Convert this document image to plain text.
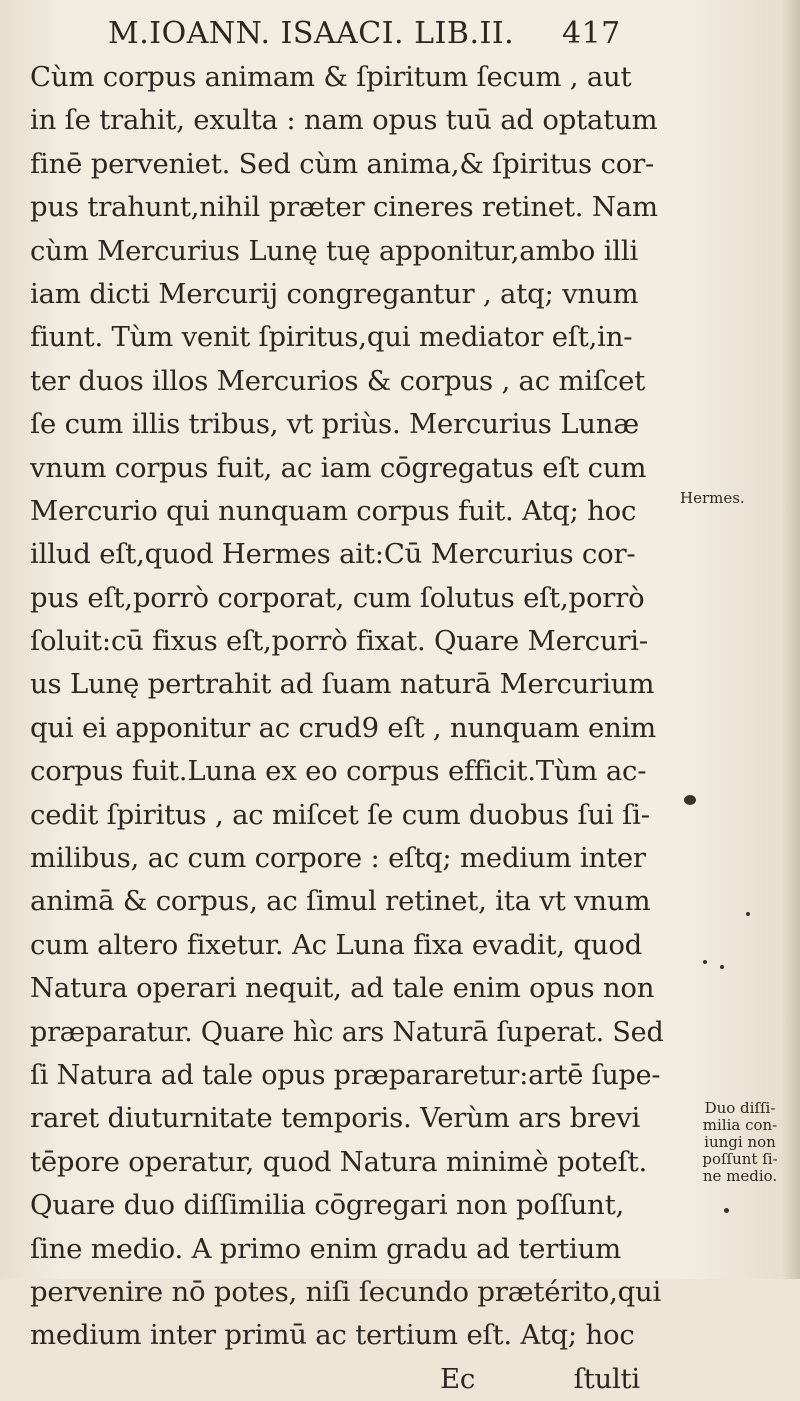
M.IOANN. ISAACI. LIB.II. 417
Cùm corpus animam & ſpiritum ſecum , aut
in ſe trahit, exulta : nam opus tuū ad optatum
finē perveniet. Sed cùm anima,& ſpiritus cor-
pus trahunt,nihil præter cineres retinet. Nam
cùm Mercurius Lunę tuę apponitur,ambo illi
iam dicti Mercurij congregantur , atq; vnum
fiunt. Tùm venit ſpiritus,qui mediator eſt,in-
ter duos illos Mercurios & corpus , ac miſcet
ſe cum illis tribus, vt priùs. Mercurius Lunæ
vnum corpus fuit, ac iam cōgregatus eſt cum
Mercurio qui nunquam corpus fuit. Atq; hoc
illud eſt,quod Hermes ait:Cū Mercurius cor-
pus eſt,porrò corporat, cum ſolutus eſt,porrò
ſoluit:cū fixus eſt,porrò fixat. Quare Mercuri-
us Lunę pertrahit ad ſuam naturā Mercurium
qui ei apponitur ac crud9 eſt , nunquam enim
corpus fuit.Luna ex eo corpus efficit.Tùm ac-
cedit ſpiritus , ac miſcet ſe cum duobus ſui ſi-
milibus, ac cum corpore : eſtq; medium inter
animā & corpus, ac ſimul retinet, ita vt vnum
cum altero fixetur. Ac Luna fixa evadit, quod
Natura operari nequit, ad tale enim opus non
præparatur. Quare hìc ars Naturā ſuperat. Sed
ſi Natura ad tale opus præpararetur:artē ſupe-
raret diuturnitate temporis. Verùm ars brevi
tēpore operatur, quod Natura minimè poteſt.
Quare duo diſſimilia cōgregari non poſſunt,
ſine medio. A primo enim gradu ad tertium
pervenire nō potes, niſi ſecundo prætérito,qui
medium inter primū ac tertium eſt. Atq; hoc
Ec ſtulti
Hermes.
Duo diſſi-
milia con-
iungi non
poſſunt ſi-
ne medio.
